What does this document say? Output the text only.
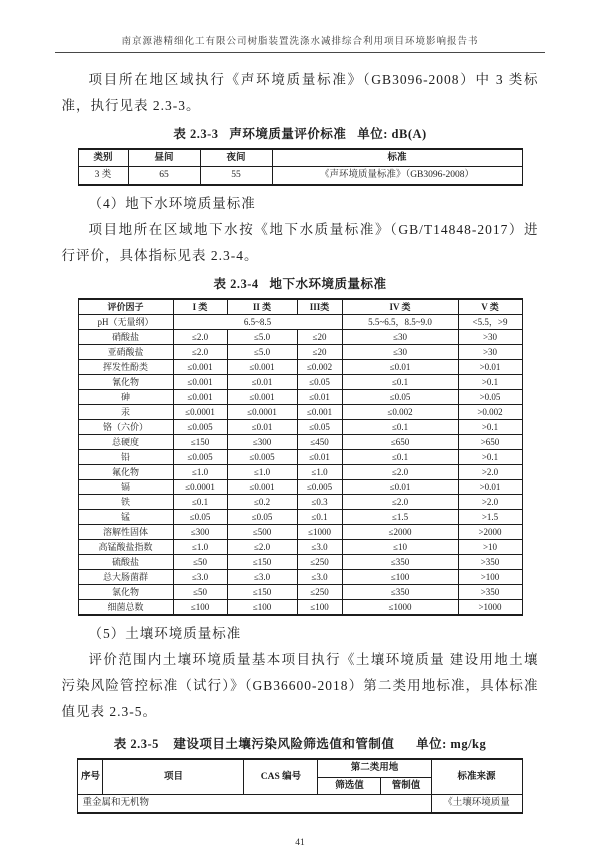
南京源港精细化工有限公司树脂装置洗涤水减排综合利用项目环境影响报告书

项目所在地区域执行《声环境质量标准》（GB3096-2008）中 3 类标准，执行见表 2.3-3。

表 2.3-3   声环境质量评价标准   单位: dB(A)
类别	昼间	夜间	标准
3 类	65	55	《声环境质量标准》（GB3096-2008）

（4）地下水环境质量标准

项目地所在区域地下水按《地下水质量标准》（GB/T14848-2017）进行评价，具体指标见表 2.3-4。

表 2.3-4   地下水环境质量标准
评价因子	I 类	II 类	III类	IV 类	V 类
pH（无量纲）	6.5~8.5			5.5~6.5，8.5~9.0	<5.5，>9
硝酸盐	≤2.0	≤5.0	≤20	≤30	>30
亚硝酸盐	≤2.0	≤5.0	≤20	≤30	>30
挥发性酚类	≤0.001	≤0.001	≤0.002	≤0.01	>0.01
氰化物	≤0.001	≤0.01	≤0.05	≤0.1	>0.1
砷	≤0.001	≤0.001	≤0.01	≤0.05	>0.05
汞	≤0.0001	≤0.0001	≤0.001	≤0.002	>0.002
铬（六价）	≤0.005	≤0.01	≤0.05	≤0.1	>0.1
总硬度	≤150	≤300	≤450	≤650	>650
铅	≤0.005	≤0.005	≤0.01	≤0.1	>0.1
氟化物	≤1.0	≤1.0	≤1.0	≤2.0	>2.0
镉	≤0.0001	≤0.001	≤0.005	≤0.01	>0.01
铁	≤0.1	≤0.2	≤0.3	≤2.0	>2.0
锰	≤0.05	≤0.05	≤0.1	≤1.5	>1.5
溶解性固体	≤300	≤500	≤1000	≤2000	>2000
高锰酸盐指数	≤1.0	≤2.0	≤3.0	≤10	>10
硫酸盐	≤50	≤150	≤250	≤350	>350
总大肠菌群	≤3.0	≤3.0	≤3.0	≤100	>100
氯化物	≤50	≤150	≤250	≤350	>350
细菌总数	≤100	≤100	≤100	≤1000	>1000

（5）土壤环境质量标准

评价范围内土壤环境质量基本项目执行《土壤环境质量 建设用地土壤污染风险管控标准（试行）》（GB36600-2018）第二类用地标准，具体标准值见表 2.3-5。

表 2.3-5    建设项目土壤污染风险筛选值和管制值      单位: mg/kg
序号	项目	CAS 编号	第二类用地		标准来源
			筛选值	管制值	
重金属和无机物					《土壤环境质量
41
